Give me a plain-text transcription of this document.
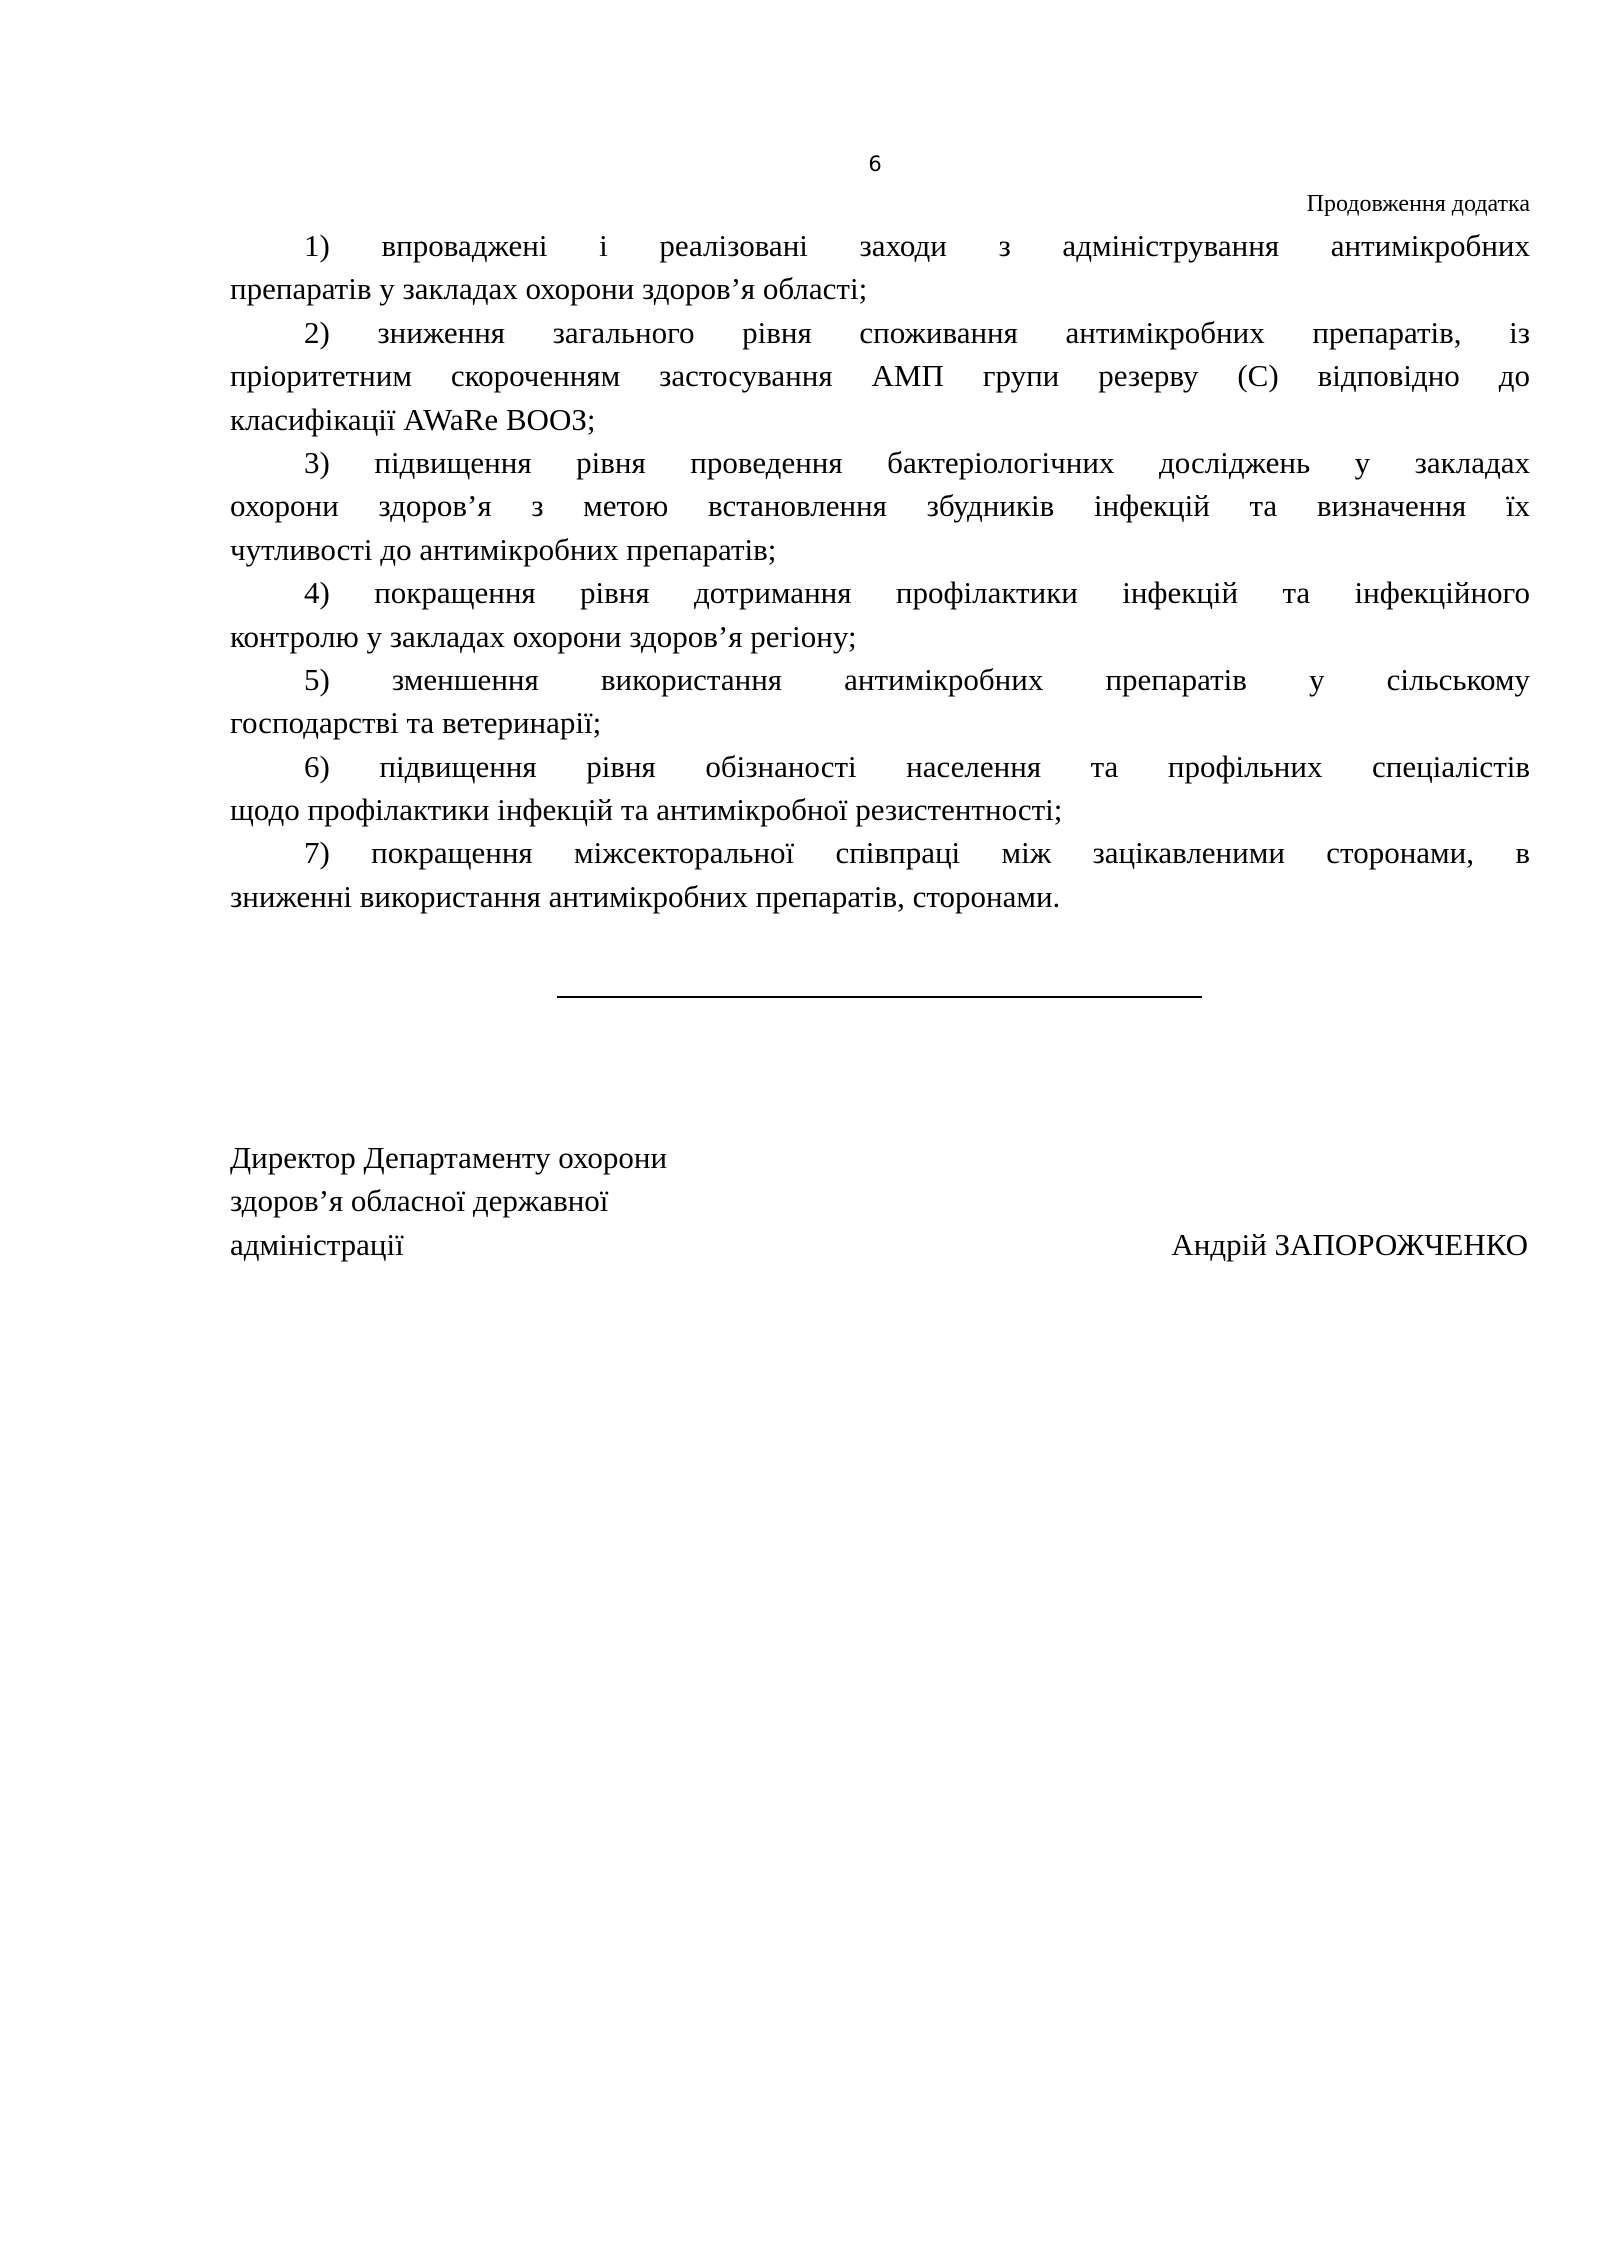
6
Продовження додатка
1) впроваджені і реалізовані заходи з адміністрування антимікробних
препаратів у закладах охорони здоров’я області;
2) зниження загального рівня споживання антимікробних препаратів, із
пріоритетним скороченням застосування АМП групи резерву (С) відповідно до
класифікації AWaRe ВООЗ;
3) підвищення рівня проведення бактеріологічних досліджень у закладах
охорони здоров’я з метою встановлення збудників інфекцій та визначення їх
чутливості до антимікробних препаратів;
4) покращення рівня дотримання профілактики інфекцій та інфекційного
контролю у закладах охорони здоров’я регіону;
5) зменшення використання антимікробних препаратів у сільському
господарстві та ветеринарії;
6) підвищення рівня обізнаності населення та профільних спеціалістів
щодо профілактики інфекцій та антимікробної резистентності;
7) покращення міжсекторальної співпраці між зацікавленими сторонами, в
зниженні використання антимікробних препаратів, сторонами.
Директор Департаменту охорони
здоров’я обласної державної
адміністрації	Андрій ЗАПОРОЖЧЕНКО
